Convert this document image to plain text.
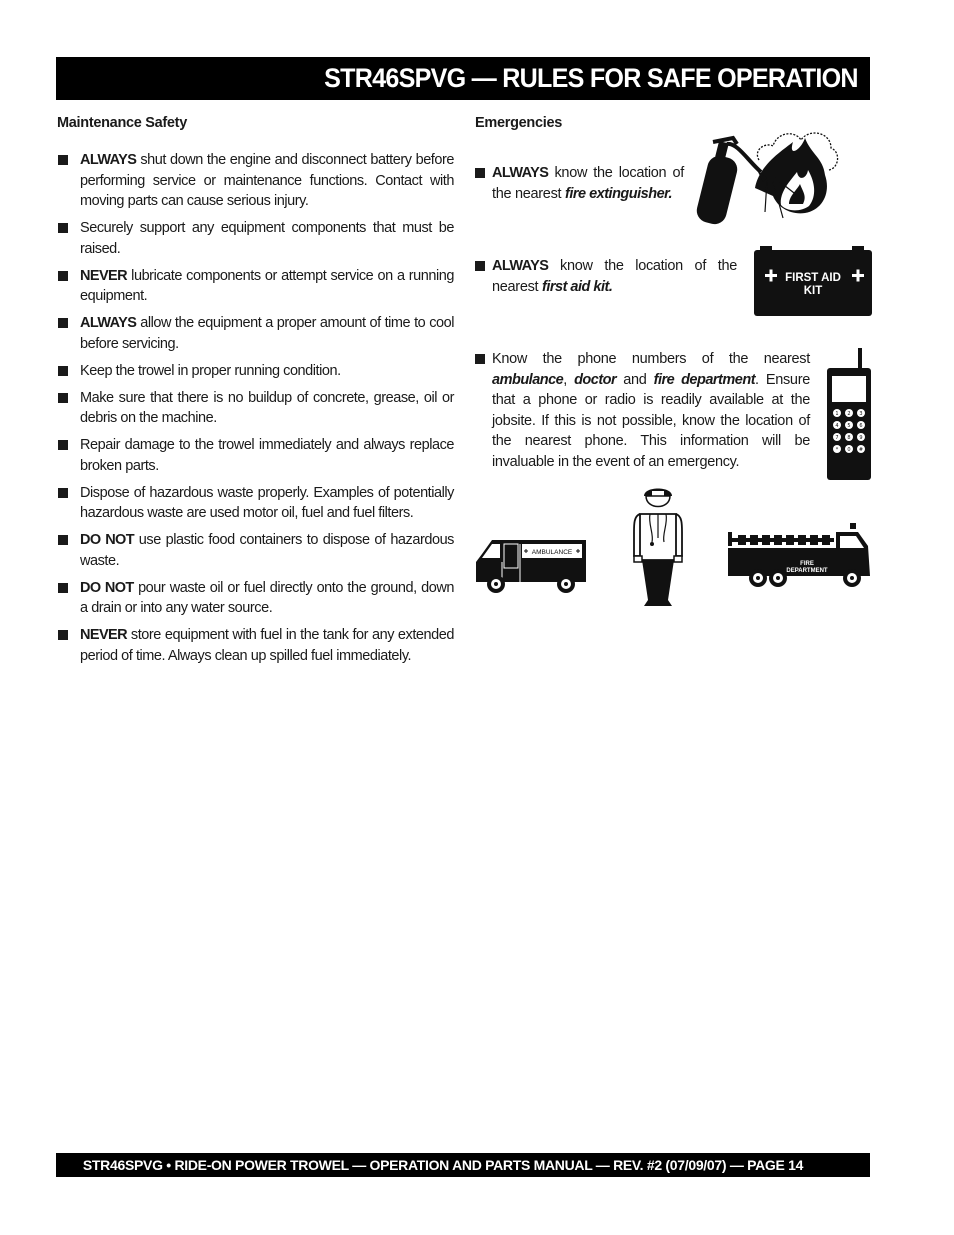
STR46SPVG — RULES FOR SAFE OPERATION
Maintenance Safety
ALWAYS shut down the engine and disconnect battery before performing service or maintenance functions. Contact with moving parts can cause serious injury.
Securely support any equipment components that must be raised.
NEVER lubricate components or attempt service on a running equipment.
ALWAYS allow the equipment a proper amount of time to cool before servicing.
Keep the trowel in proper running condition.
Make sure that there is no buildup of concrete, grease, oil or debris on the machine.
Repair damage to the trowel immediately and always replace broken parts.
Dispose of hazardous waste properly. Examples of potentially hazardous waste are used motor oil, fuel and fuel filters.
DO NOT use plastic food containers to dispose of hazardous waste.
DO NOT pour waste oil or fuel directly onto the ground, down a drain or into any water source.
NEVER store equipment with fuel in the tank for any extended period of time. Always clean up spilled fuel immediately.
Emergencies
ALWAYS know the location of the nearest fire extinguisher.
ALWAYS know the location of the nearest first aid kit.
Know the phone numbers of the nearest ambulance, doctor and fire department. Ensure that a phone or radio is readily available at the jobsite. If this is not possible, know the location of the nearest phone. This information will be invaluable in the event of an emergency.
FIRST AID
KIT
1 2 3
4 5 6
7 8 9
* 0 #
AMBULANCE
FIRE
DEPARTMENT
STR46SPVG • RIDE-ON POWER TROWEL — OPERATION AND PARTS MANUAL — REV. #2 (07/09/07) — PAGE 14
